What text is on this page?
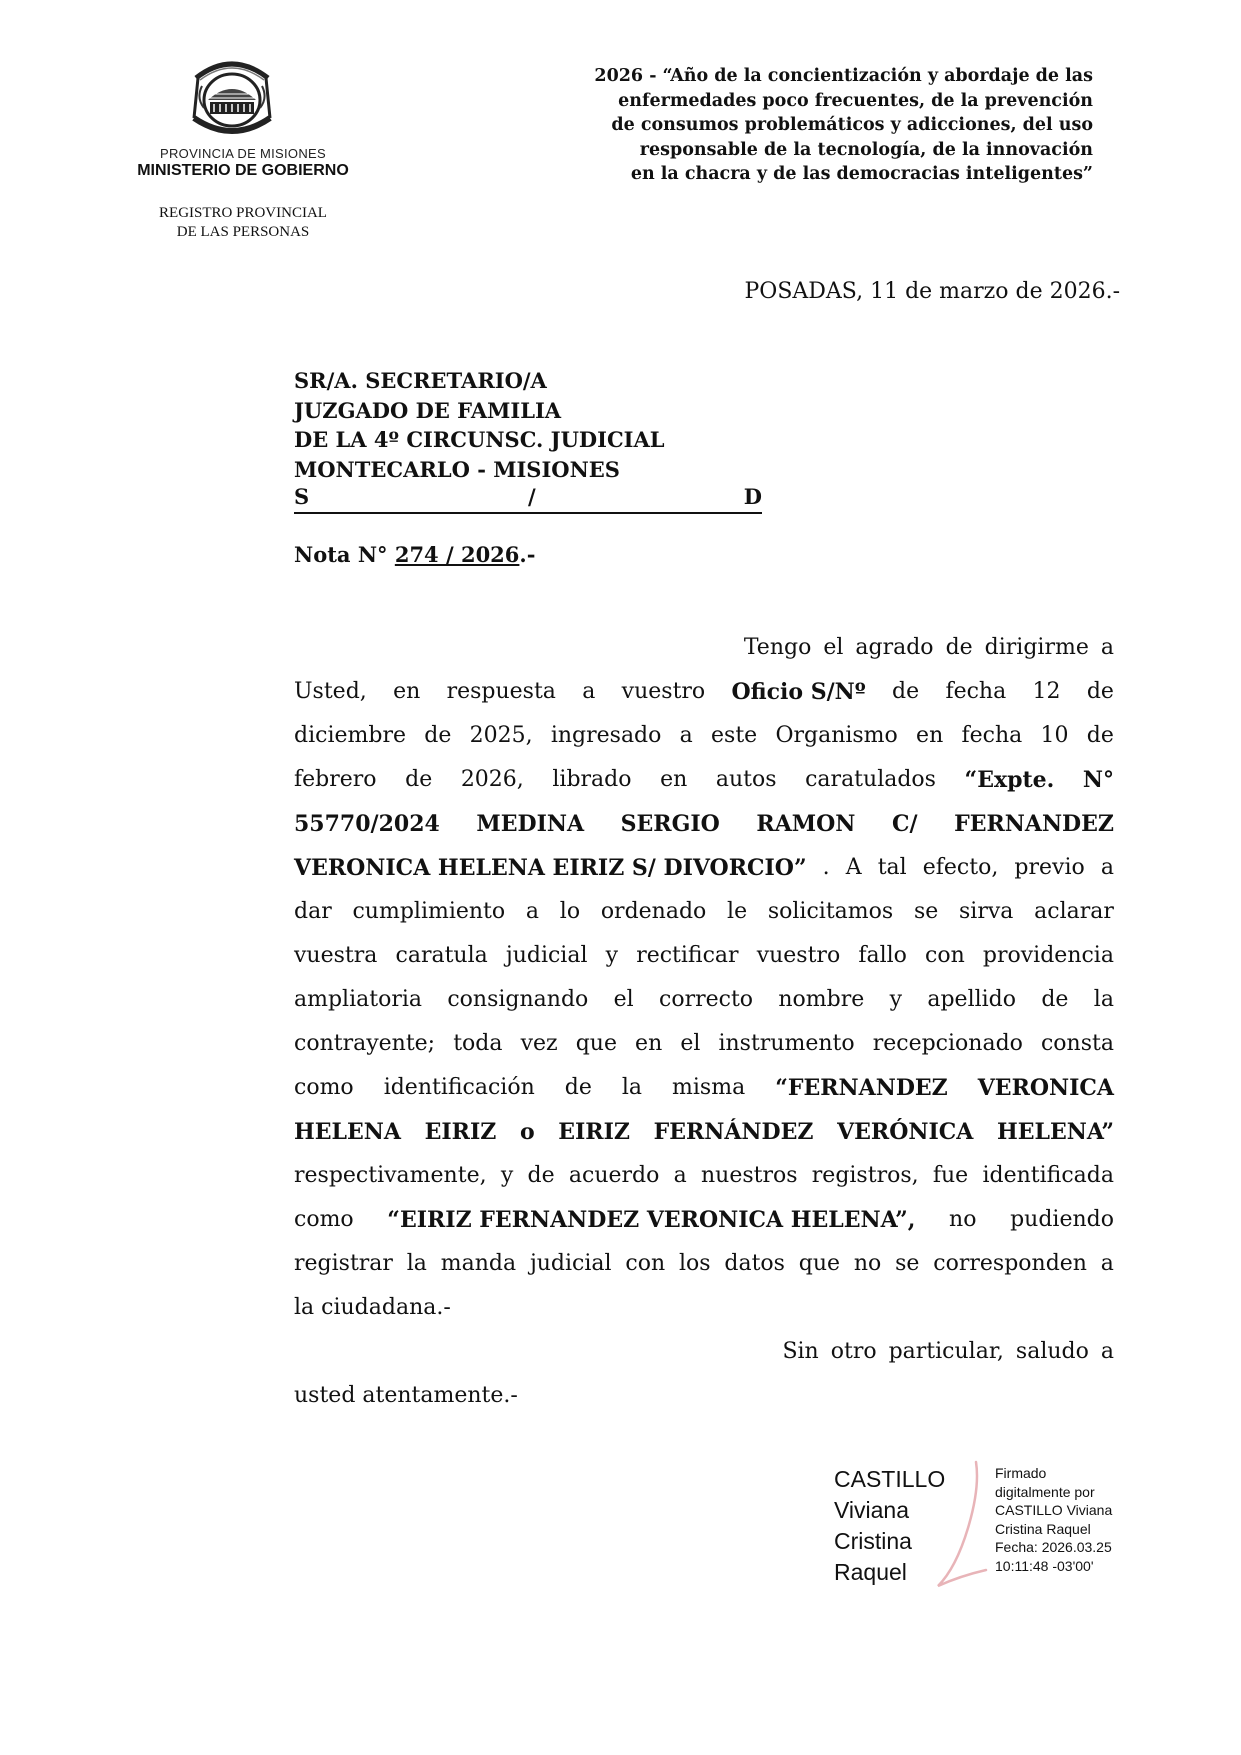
PROVINCIA DE MISIONES
MINISTERIO DE GOBIERNO
REGISTRO PROVINCIAL
DE LAS PERSONAS
2026 - “Año de la concientización y abordaje de las
enfermedades poco frecuentes, de la prevención
de consumos problemáticos y adicciones, del uso
responsable de la tecnología, de la innovación
en la chacra y de las democracias inteligentes”
POSADAS, 11 de marzo de 2026.-
SR/A. SECRETARIO/A
JUZGADO DE FAMILIA
DE LA 4º CIRCUNSC. JUDICIAL
MONTECARLO - MISIONES
S	/	D
Nota N° 274 / 2026.-
Tengo el agrado de dirigirme a
Usted, en respuesta a vuestro Oficio S/Nº de fecha 12 de
diciembre de 2025, ingresado a este Organismo en fecha 10 de
febrero de 2026, librado en autos caratulados “Expte. N°
55770/2024 MEDINA SERGIO RAMON C/ FERNANDEZ
VERONICA HELENA EIRIZ S/ DIVORCIO” . A tal efecto, previo a
dar cumplimiento a lo ordenado le solicitamos se sirva aclarar
vuestra caratula judicial y rectificar vuestro fallo con providencia
ampliatoria consignando el correcto nombre y apellido de la
contrayente; toda vez que en el instrumento recepcionado consta
como identificación de la misma “FERNANDEZ VERONICA
HELENA EIRIZ o EIRIZ FERNÁNDEZ VERÓNICA HELENA”
respectivamente, y de acuerdo a nuestros registros, fue identificada
como “EIRIZ FERNANDEZ VERONICA HELENA”, no pudiendo
registrar la manda judicial con los datos que no se corresponden a
la ciudadana.-
Sin otro particular, saludo a
usted atentamente.-
CASTILLO
Viviana
Cristina
Raquel
Firmado
digitalmente por
CASTILLO Viviana
Cristina Raquel
Fecha: 2026.03.25
10:11:48 -03'00'
